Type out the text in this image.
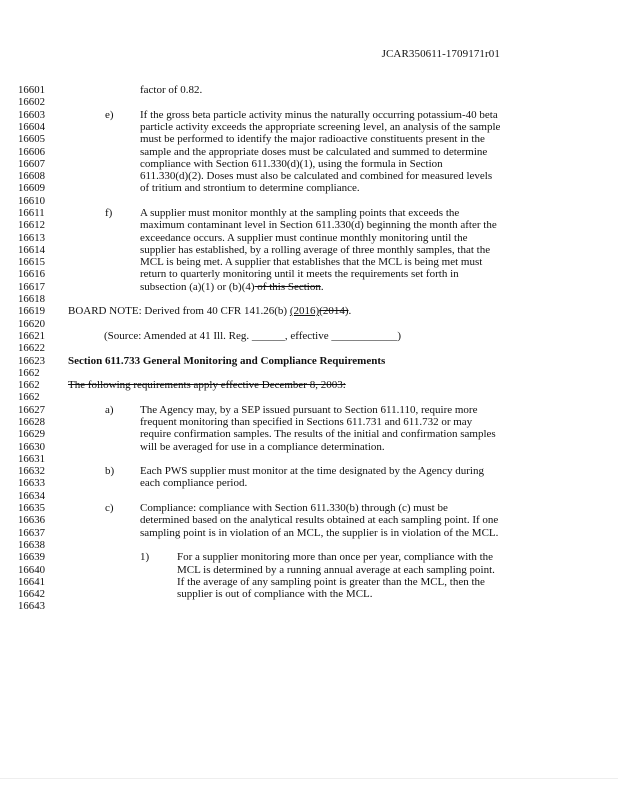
JCAR350611-1709171r01
16601
16602
16603
16604
16605
16606
16607
16608
16609
16610
16611
16612
16613
16614
16615
16616
16617
16618
16619
16620
16621
16622
16623
1662
1662
1662
16627
16628
16629
16630
16631
16632
16633
16634
16635
16636
16637
16638
16639
16640
16641
16642
16643
factor of 0.82.
e) If the gross beta particle activity minus the naturally occurring potassium-40 beta
particle activity exceeds the appropriate screening level, an analysis of the sample
must be performed to identify the major radioactive constituents present in the
sample and the appropriate doses must be calculated and summed to determine
compliance with Section 611.330(d)(1), using the formula in Section
611.330(d)(2). Doses must also be calculated and combined for measured levels
of tritium and strontium to determine compliance.
f)	A supplier must monitor monthly at the sampling points that exceeds the
maximum contaminant level in Section 611.330(d) beginning the month after the
exceedance occurs. A supplier must continue monthly monitoring until the
supplier has established, by a rolling average of three monthly samples, that the
MCL is being met. A supplier that establishes that the MCL is being met must
return to quarterly monitoring until it meets the requirements set forth in
subsection (a)(1) or (b)(4) of this Section.
BOARD NOTE: Derived from 40 CFR 141.26(b) (2016)(2014).
(Source: Amended at 41 Ill. Reg. ______, effective ____________)
Section 611.733 General Monitoring and Compliance Requirements
The following requirements apply effective December 8, 2003:
a) The Agency may, by a SEP issued pursuant to Section 611.110, require more
frequent monitoring than specified in Sections 611.731 and 611.732 or may
require confirmation samples. The results of the initial and confirmation samples
will be averaged for use in a compliance determination.
b) Each PWS supplier must monitor at the time designated by the Agency during
each compliance period.
c) Compliance: compliance with Section 611.330(b) through (c) must be
determined based on the analytical results obtained at each sampling point. If one
sampling point is in violation of an MCL, the supplier is in violation of the MCL.
1)	For a supplier monitoring more than once per year, compliance with the
MCL is determined by a running annual average at each sampling point.
If the average of any sampling point is greater than the MCL, then the
supplier is out of compliance with the MCL.
